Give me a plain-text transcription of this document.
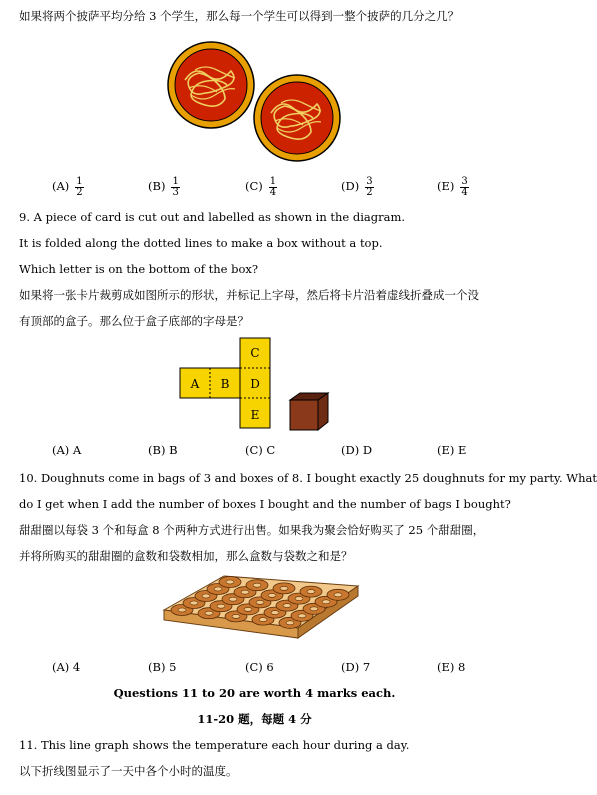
如果将两个披萨平均分给 3 个学生，那么每一个学生可以得到一整个披萨的几分之几？
$(A) \frac{1}{2}$	$(B) \frac{1}{3}$	$(C) \frac{1}{4}$	$(D) \frac{3}{2}$	$(E) \frac{3}{4}$
9. A piece of card is cut out and labelled as shown in the diagram.
It is folded along the dotted lines to make a box without a top.
Which letter is on the bottom of the box?
如果将一张卡片裁剪成如图所示的形状，并标记上字母，然后将卡片沿着虚线折叠成一个没
有顶部的盒子。那么位于盒子底部的字母是？
A B
C
D
E
(A) A	(B) B	(C) C	(D) D	(E) E
10. Doughnuts come in bags of 3 and boxes of 8. I bought exactly 25 doughnuts for my party. What
do I get when I add the number of boxes I bought and the number of bags I bought?
甜甜圈以每袋 3 个和每盒 8 个两种方式进行出售。如果我为聚会恰好购买了 25 个甜甜圈，
并将所购买的甜甜圈的盒数和袋数相加，那么盒数与袋数之和是？
(A) 4	(B) 5	(C) 6	(D) 7	(E) 8
Questions 11 to 20 are worth 4 marks each.
11-20 题，每题 4 分
11. This line graph shows the temperature each hour during a day.
以下折线图显示了一天中各个小时的温度。
